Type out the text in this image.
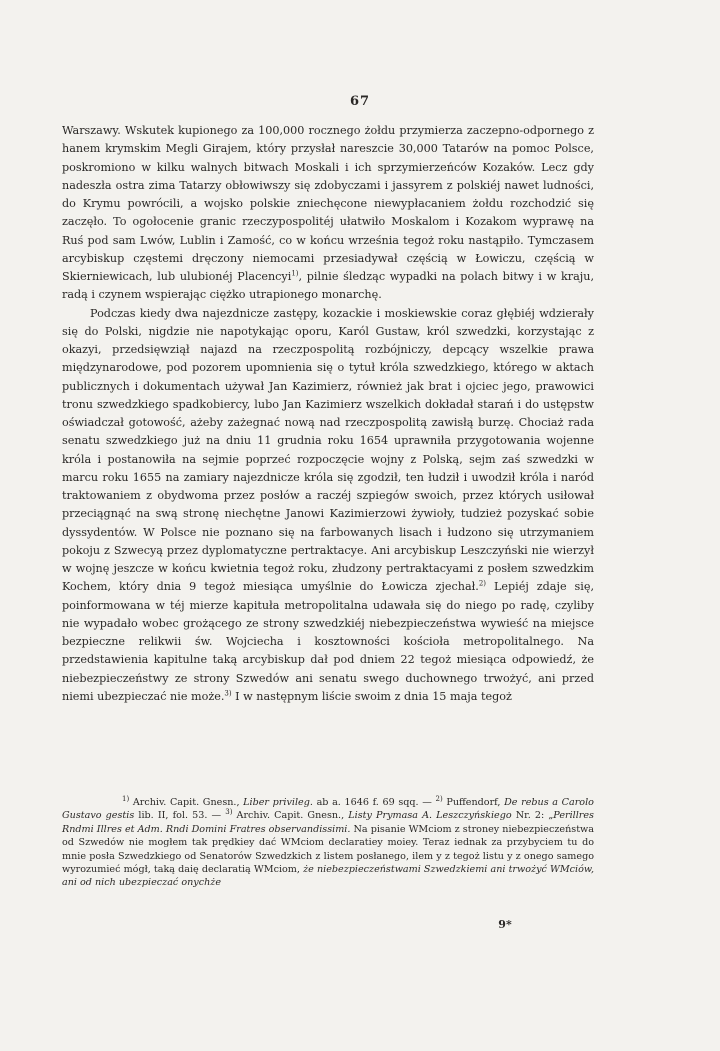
67

Warszawy. Wskutek kupionego za 100,000 rocznego żołdu przymierza zaczepno-odpornego z hanem krymskim Megli Girajem, który przysłał nareszcie 30,000 Tatarów na pomoc Polsce, poskromiono w kilku walnych bitwach Moskali i ich sprzymierzeńców Kozaków. Lecz gdy nadeszła ostra zima Tatarzy obłowiwszy się zdobyczami i jassyrem z polskiéj nawet ludności, do Krymu powrócili, a wojsko polskie zniechęcone niewypłacaniem żołdu rozchodzić się zaczęło. To ogołocenie granic rzeczypospolitéj ułatwiło Moskalom i Kozakom wyprawę na Ruś pod sam Lwów, Lublin i Zamość, co w końcu września tegoż roku nastąpiło. Tymczasem arcybiskup częstemi dręczony niemocami przesiadywał częścią w Łowiczu, częścią w Skierniewicach, lub ulubionéj Placencyi$^{1)}$, pilnie śledząc wypadki na polach bitwy i w kraju, radą i czynem wspierając ciężko utrapionego monarchę.

Podczas kiedy dwa najezdnicze zastępy, kozackie i moskiewskie coraz głębiéj wdzierały się do Polski, nigdzie nie napotykając oporu, Karól Gustaw, król szwedzki, korzystając z okazyi, przedsięwziął najazd na rzeczpospolitą rozbójniczy, depcący wszelkie prawa międzynarodowe, pod pozorem upomnienia się o tytuł króla szwedzkiego, którego w aktach publicznych i dokumentach używał Jan Kazimierz, również jak brat i ojciec jego, prawowici tronu szwedzkiego spadkobiercy, lubo Jan Kazimierz wszelkich dokładał starań i do ustępstw oświadczał gotowość, ażeby zażegnać nową nad rzeczpospolitą zawisłą burzę. Chociaż rada senatu szwedzkiego już na dniu 11 grudnia roku 1654 uprawniła przygotowania wojenne króla i postanowiła na sejmie poprzeć rozpoczęcie wojny z Polską, sejm zaś szwedzki w marcu roku 1655 na zamiary najezdnicze króla się zgodził, ten łudził i uwodził króla i naród traktowaniem z obydwoma przez posłów a raczéj szpiegów swoich, przez których usiłował przeciągnąć na swą stronę niechętne Janowi Kazimierzowi żywioły, tudzież pozyskać sobie dyssydentów. W Polsce nie poznano się na farbowanych lisach i łudzono się utrzymaniem pokoju z Szwecyą przez dyplomatyczne pertraktacye. Ani arcybiskup Leszczyński nie wierzył w wojnę jeszcze w końcu kwietnia tegoż roku, złudzony pertraktacyami z posłem szwedzkim Kochem, który dnia 9 tegoż miesiąca umyślnie do Łowicza zjechał.$^{2)}$ Lepiéj zdaje się, poinformowana w téj mierze kapituła metropolitalna udawała się do niego po radę, czyliby nie wypadało wobec grożącego ze strony szwedzkiéj niebezpieczeństwa wywieść na miejsce bezpieczne relikwii św. Wojciecha i kosztowności kościoła metropolitalnego. Na przedstawienia kapitulne taką arcybiskup dał pod dniem 22 tegoż miesiąca odpowiedź, że niebezpieczeństwy ze strony Szwedów ani senatu swego duchownego trwożyć, ani przed niemi ubezpieczać nie może.$^{3)}$ I w następnym liście swoim z dnia 15 maja tegoż

$^{1)}$ Archiv. Capit. Gnesn., Liber privileg. ab a. 1646 f. 69 sqq. — $^{2)}$ Puffendorf, De rebus a Carolo Gustavo gestis lib. II, fol. 53. — $^{3)}$ Archiv. Capit. Gnesn., Listy Prymasa A. Leszczyńskiego Nr. 2: „Perillres Rndmi Illres et Adm. Rndi Domini Fratres observandissimi. Na pisanie WMciom z stroney niebezpieczeństwa od Szwedów nie mogłem tak prędkiey dać WMciom declaratiey moiey. Teraz iednak za przybyciem tu do mnie posła Szwedzkiego od Senatorów Szwedzkich z listem posłanego, ilem y z tegoż listu y z onego samego wyrozumieć mógł, taką daię declaratią WMciom, że niebezpieczeństwami Szwedzkiemi ani trwożyć WMciów, ani od nich ubezpieczać onychże

9*
